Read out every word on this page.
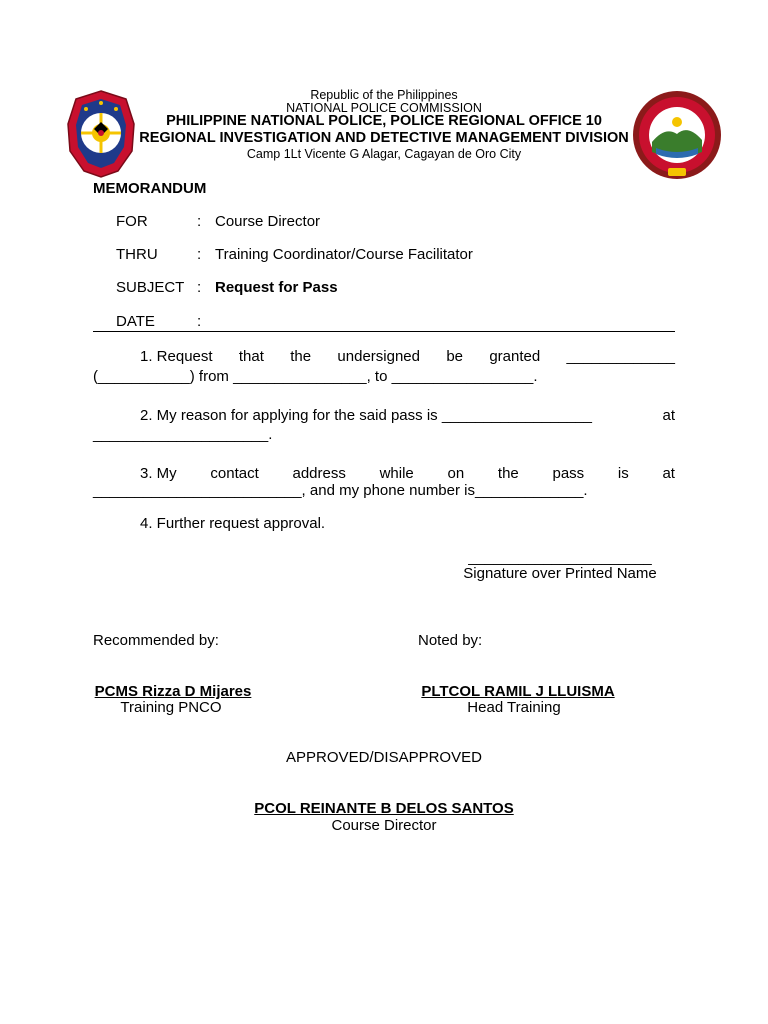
Republic of the Philippines
NATIONAL POLICE COMMISSION
PHILIPPINE NATIONAL POLICE, POLICE REGIONAL OFFICE 10
REGIONAL INVESTIGATION AND DETECTIVE MANAGEMENT DIVISION
Camp 1Lt Vicente G Alagar, Cagayan de Oro City
MEMORANDUM
FOR	: Course Director
THRU	: Training Coordinator/Course Facilitator
SUBJECT : Request for Pass
DATE	:
1. Request that the undersigned be granted _____________
(___________) from ________________, to _________________.
2. My reason for applying for the said pass is __________________	at
_____________________.
3. My contact address while on the pass is at
_________________________, and my phone number is_____________.
4. Further request approval.
______________________
Signature over Printed Name
Recommended by:	Noted by:
PCMS Rizza D Mijares
Training PNCO
PLTCOL RAMIL J LLUISMA
Head Training
APPROVED/DISAPPROVED
PCOL REINANTE B DELOS SANTOS
Course Director
